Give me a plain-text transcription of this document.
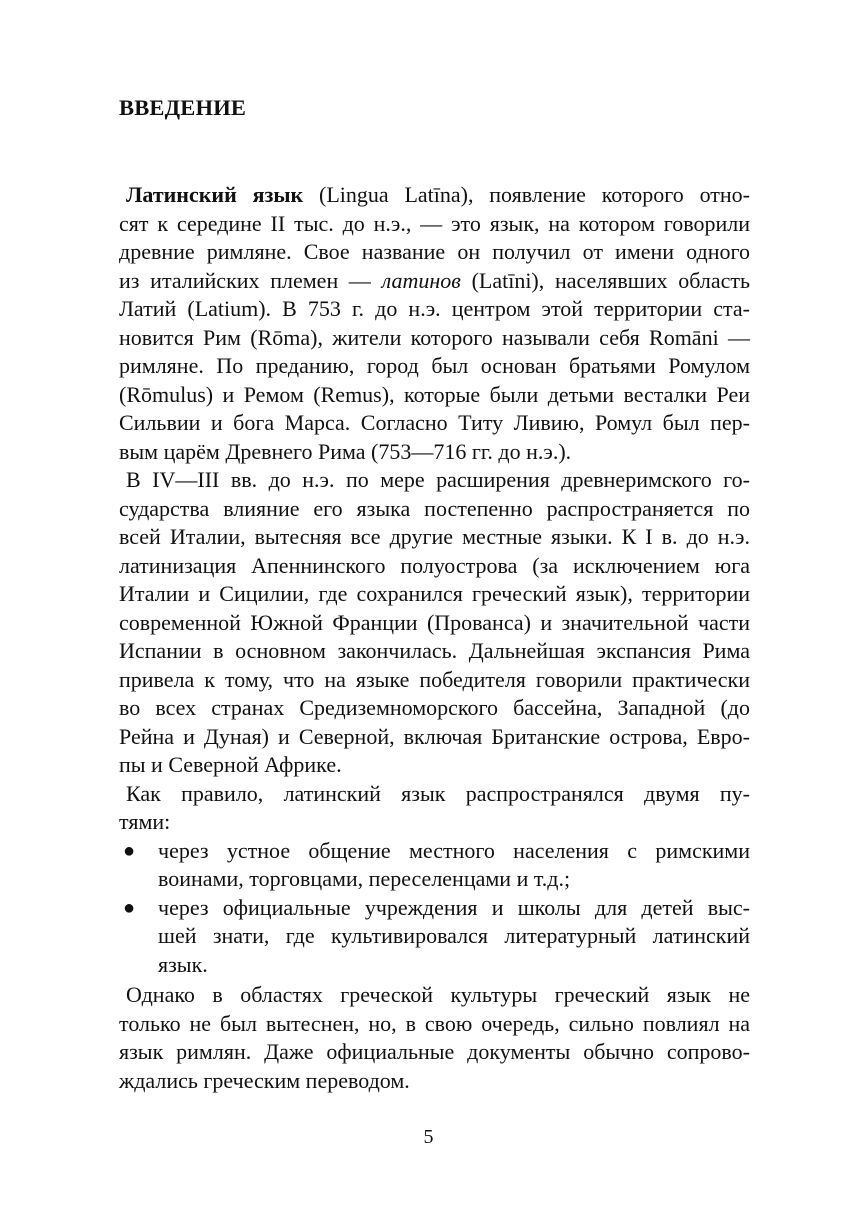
ВВЕДЕНИЕ
Латинский язык (Lingua Latīna), появление которого отно-
сят к середине II тыс. до н.э., — это язык, на котором говорили
древние римляне. Свое название он получил от имени одного
из италийских племен — латинов (Latīni), населявших область
Латий (Latium). В 753 г. до н.э. центром этой территории ста-
новится Рим (Rōma), жители которого называли себя Romāni —
римляне. По преданию, город был основан братьями Ромулом
(Rōmulus) и Ремом (Remus), которые были детьми весталки Реи
Сильвии и бога Марса. Согласно Титу Ливию, Ромул был пер-
вым царём Древнего Рима (753—716 гг. до н.э.).
В IV—III вв. до н.э. по мере расширения древнеримского го-
сударства влияние его языка постепенно распространяется по
всей Италии, вытесняя все другие местные языки. К I в. до н.э.
латинизация Апеннинского полуострова (за исключением юга
Италии и Сицилии, где сохранился греческий язык), территории
современной Южной Франции (Прованса) и значительной части
Испании в основном закончилась. Дальнейшая экспансия Рима
привела к тому, что на языке победителя говорили практически
во всех странах Средиземноморского бассейна, Западной (до
Рейна и Дуная) и Северной, включая Британские острова, Евро-
пы и Северной Африке.
Как правило, латинский язык распространялся двумя пу-
тями:
● через устное общение местного населения с римскими
воинами, торговцами, переселенцами и т.д.;
● через официальные учреждения и школы для детей выс-
шей знати, где культивировался литературный латинский
язык.
Однако в областях греческой культуры греческий язык не
только не был вытеснен, но, в свою очередь, сильно повлиял на
язык римлян. Даже официальные документы обычно сопрово-
ждались греческим переводом.
5
